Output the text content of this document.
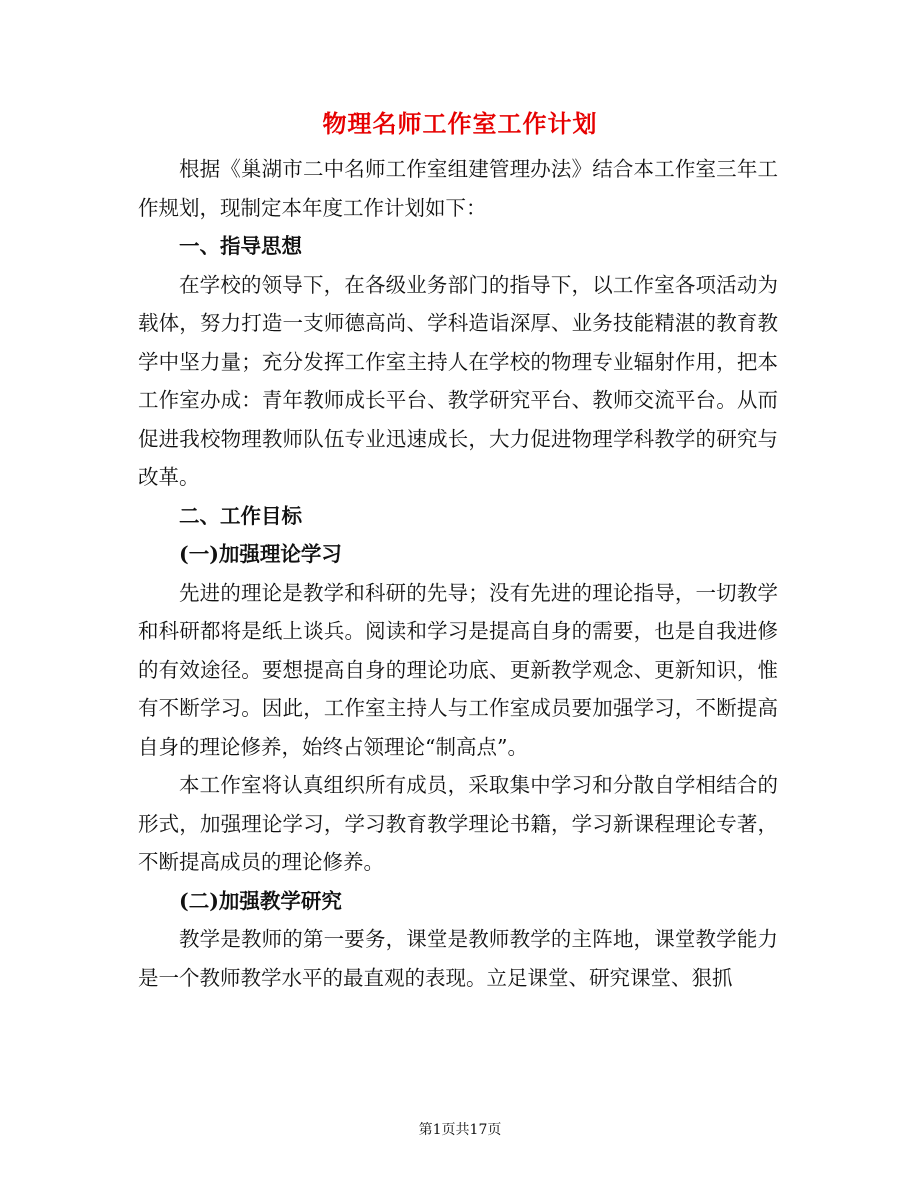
物理名师工作室工作计划

根据《巢湖市二中名师工作室组建管理办法》结合本工作室三年工作规划，现制定本年度工作计划如下：

一、指导思想

在学校的领导下，在各级业务部门的指导下，以工作室各项活动为载体，努力打造一支师德高尚、学科造诣深厚、业务技能精湛的教育教学中坚力量；充分发挥工作室主持人在学校的物理专业辐射作用，把本工作室办成：青年教师成长平台、教学研究平台、教师交流平台。从而促进我校物理教师队伍专业迅速成长，大力促进物理学科教学的研究与改革。

二、工作目标

(一)加强理论学习

先进的理论是教学和科研的先导；没有先进的理论指导，一切教学和科研都将是纸上谈兵。阅读和学习是提高自身的需要，也是自我进修的有效途径。要想提高自身的理论功底、更新教学观念、更新知识，惟有不断学习。因此，工作室主持人与工作室成员要加强学习，不断提高自身的理论修养，始终占领理论“制高点”。

本工作室将认真组织所有成员，采取集中学习和分散自学相结合的形式，加强理论学习，学习教育教学理论书籍，学习新课程理论专著，不断提高成员的理论修养。

(二)加强教学研究

教学是教师的第一要务，课堂是教师教学的主阵地，课堂教学能力是一个教师教学水平的最直观的表现。立足课堂、研究课堂、狠抓

第1页共17页
